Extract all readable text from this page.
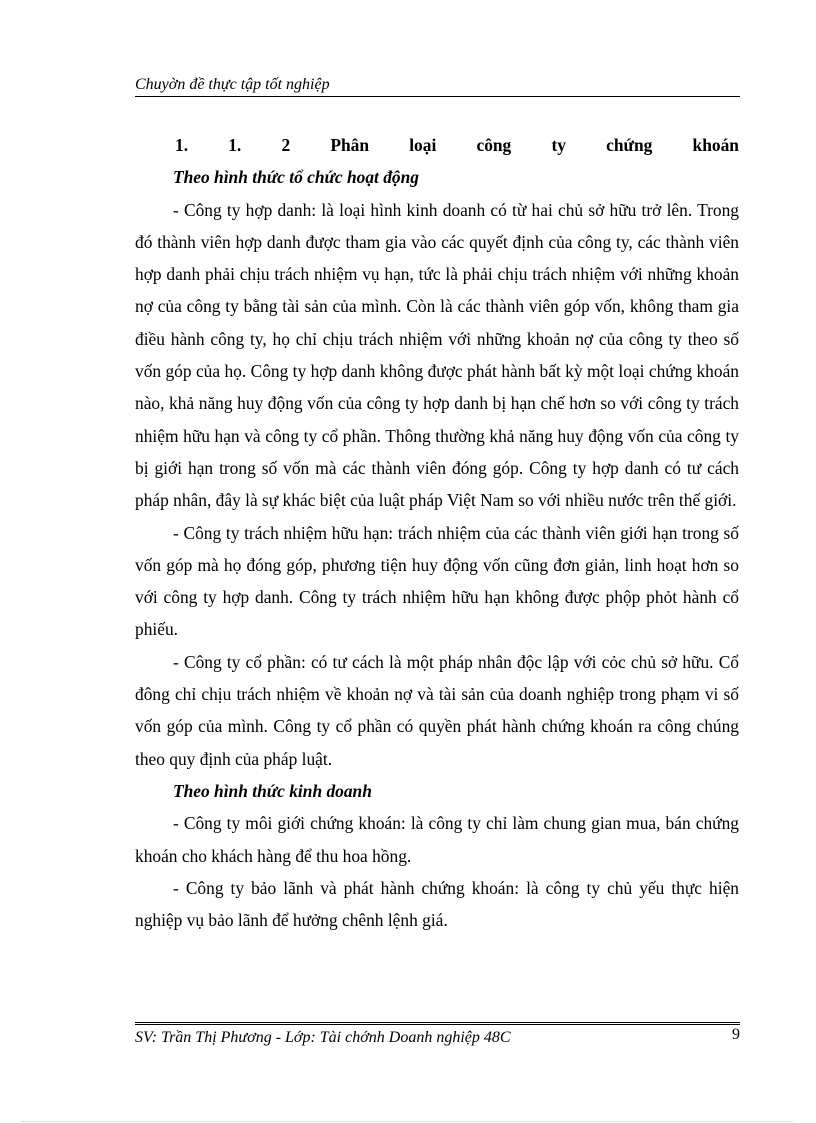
Chuyờn đề thực tập tốt nghiệp
1. 1. 2 Phân loại công ty chứng khoán
Theo hình thức tổ chức hoạt động

- Công ty hợp danh: là loại hình kinh doanh có từ hai chủ sở hữu trở lên. Trong đó thành viên hợp danh được tham gia vào các quyết định của công ty, các thành viên hợp danh phải chịu trách nhiệm vụ hạn, tức là phải chịu trách nhiệm với những khoản nợ của công ty bằng tài sản của mình. Còn là các thành viên góp vốn, không tham gia điều hành công ty, họ chỉ chịu trách nhiệm với những khoản nợ của công ty theo số vốn góp của họ. Công ty hợp danh không được phát hành bất kỳ một loại chứng khoán nào, khả năng huy động vốn của công ty hợp danh bị hạn chế hơn so với công ty trách nhiệm hữu hạn và công ty cổ phần. Thông thường khả năng huy động vốn của công ty bị giới hạn trong số vốn mà các thành viên đóng góp. Công ty hợp danh có tư cách pháp nhân, đây là sự khác biệt của luật pháp Việt Nam so với nhiều nước trên thế giới.

- Công ty trách nhiệm hữu hạn: trách nhiệm của các thành viên giới hạn trong số vốn góp mà họ đóng góp, phương tiện huy động vốn cũng đơn giản, linh hoạt hơn so với công ty hợp danh. Công ty trách nhiệm hữu hạn không được phộp phỏt hành cổ phiếu.

- Công ty cổ phần: có tư cách là một pháp nhân độc lập với cỏc chủ sở hữu. Cổ đông chỉ chịu trách nhiệm về khoản nợ và tài sản của doanh nghiệp trong phạm vi số vốn góp của mình. Công ty cổ phần có quyền phát hành chứng khoán ra công chúng theo quy định của pháp luật.

Theo hình thức kinh doanh

- Công ty môi giới chứng khoán: là công ty chỉ làm chung gian mua, bán chứng khoán cho khách hàng để thu hoa hồng.

- Công ty bảo lãnh và phát hành chứng khoán: là công ty chủ yếu thực hiện nghiệp vụ bảo lãnh để hưởng chênh lệnh giá.

SV: Trần Thị Phương - Lớp: Tài chớnh Doanh nghiệp 48C	9
